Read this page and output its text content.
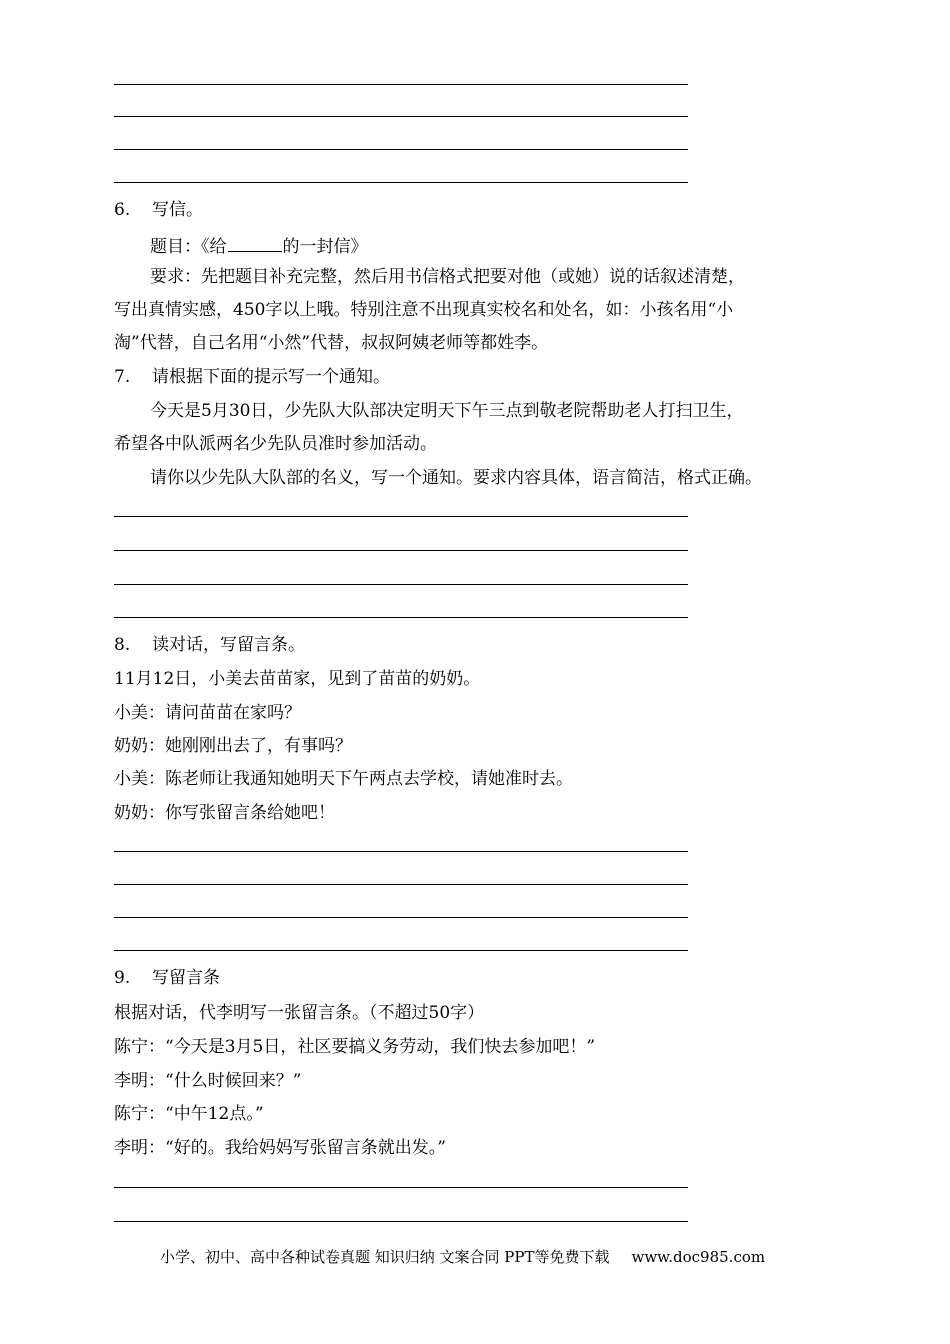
6. 写信。
题目：《给	的一封信》
要求：先把题目补充完整，然后用书信格式把要对他（或她）说的话叙述清楚，
写出真情实感，450字以上哦。特别注意不出现真实校名和处名，如：小孩名用“小
淘”代替，自己名用“小然”代替，叔叔阿姨老师等都姓李。
7. 请根据下面的提示写一个通知。
今天是5月30日，少先队大队部决定明天下午三点到敬老院帮助老人打扫卫生，
希望各中队派两名少先队员准时参加活动。
请你以少先队大队部的名义，写一个通知。要求内容具体，语言简洁，格式正确。
8. 读对话，写留言条。
11月12日，小美去苗苗家，见到了苗苗的奶奶。
小美：请问苗苗在家吗？
奶奶：她刚刚出去了，有事吗？
小美：陈老师让我通知她明天下午两点去学校，请她准时去。
奶奶：你写张留言条给她吧！
9. 写留言条
根据对话，代李明写一张留言条。（不超过50字）
陈宁：“今天是3月5日，社区要搞义务劳动，我们快去参加吧！”
李明：“什么时候回来？”
陈宁：“中午12点。”
李明：“好的。我给妈妈写张留言条就出发。”
小学、初中、高中各种试卷真题 知识归纳 文案合同 PPT等免费下载 www.doc985.com
